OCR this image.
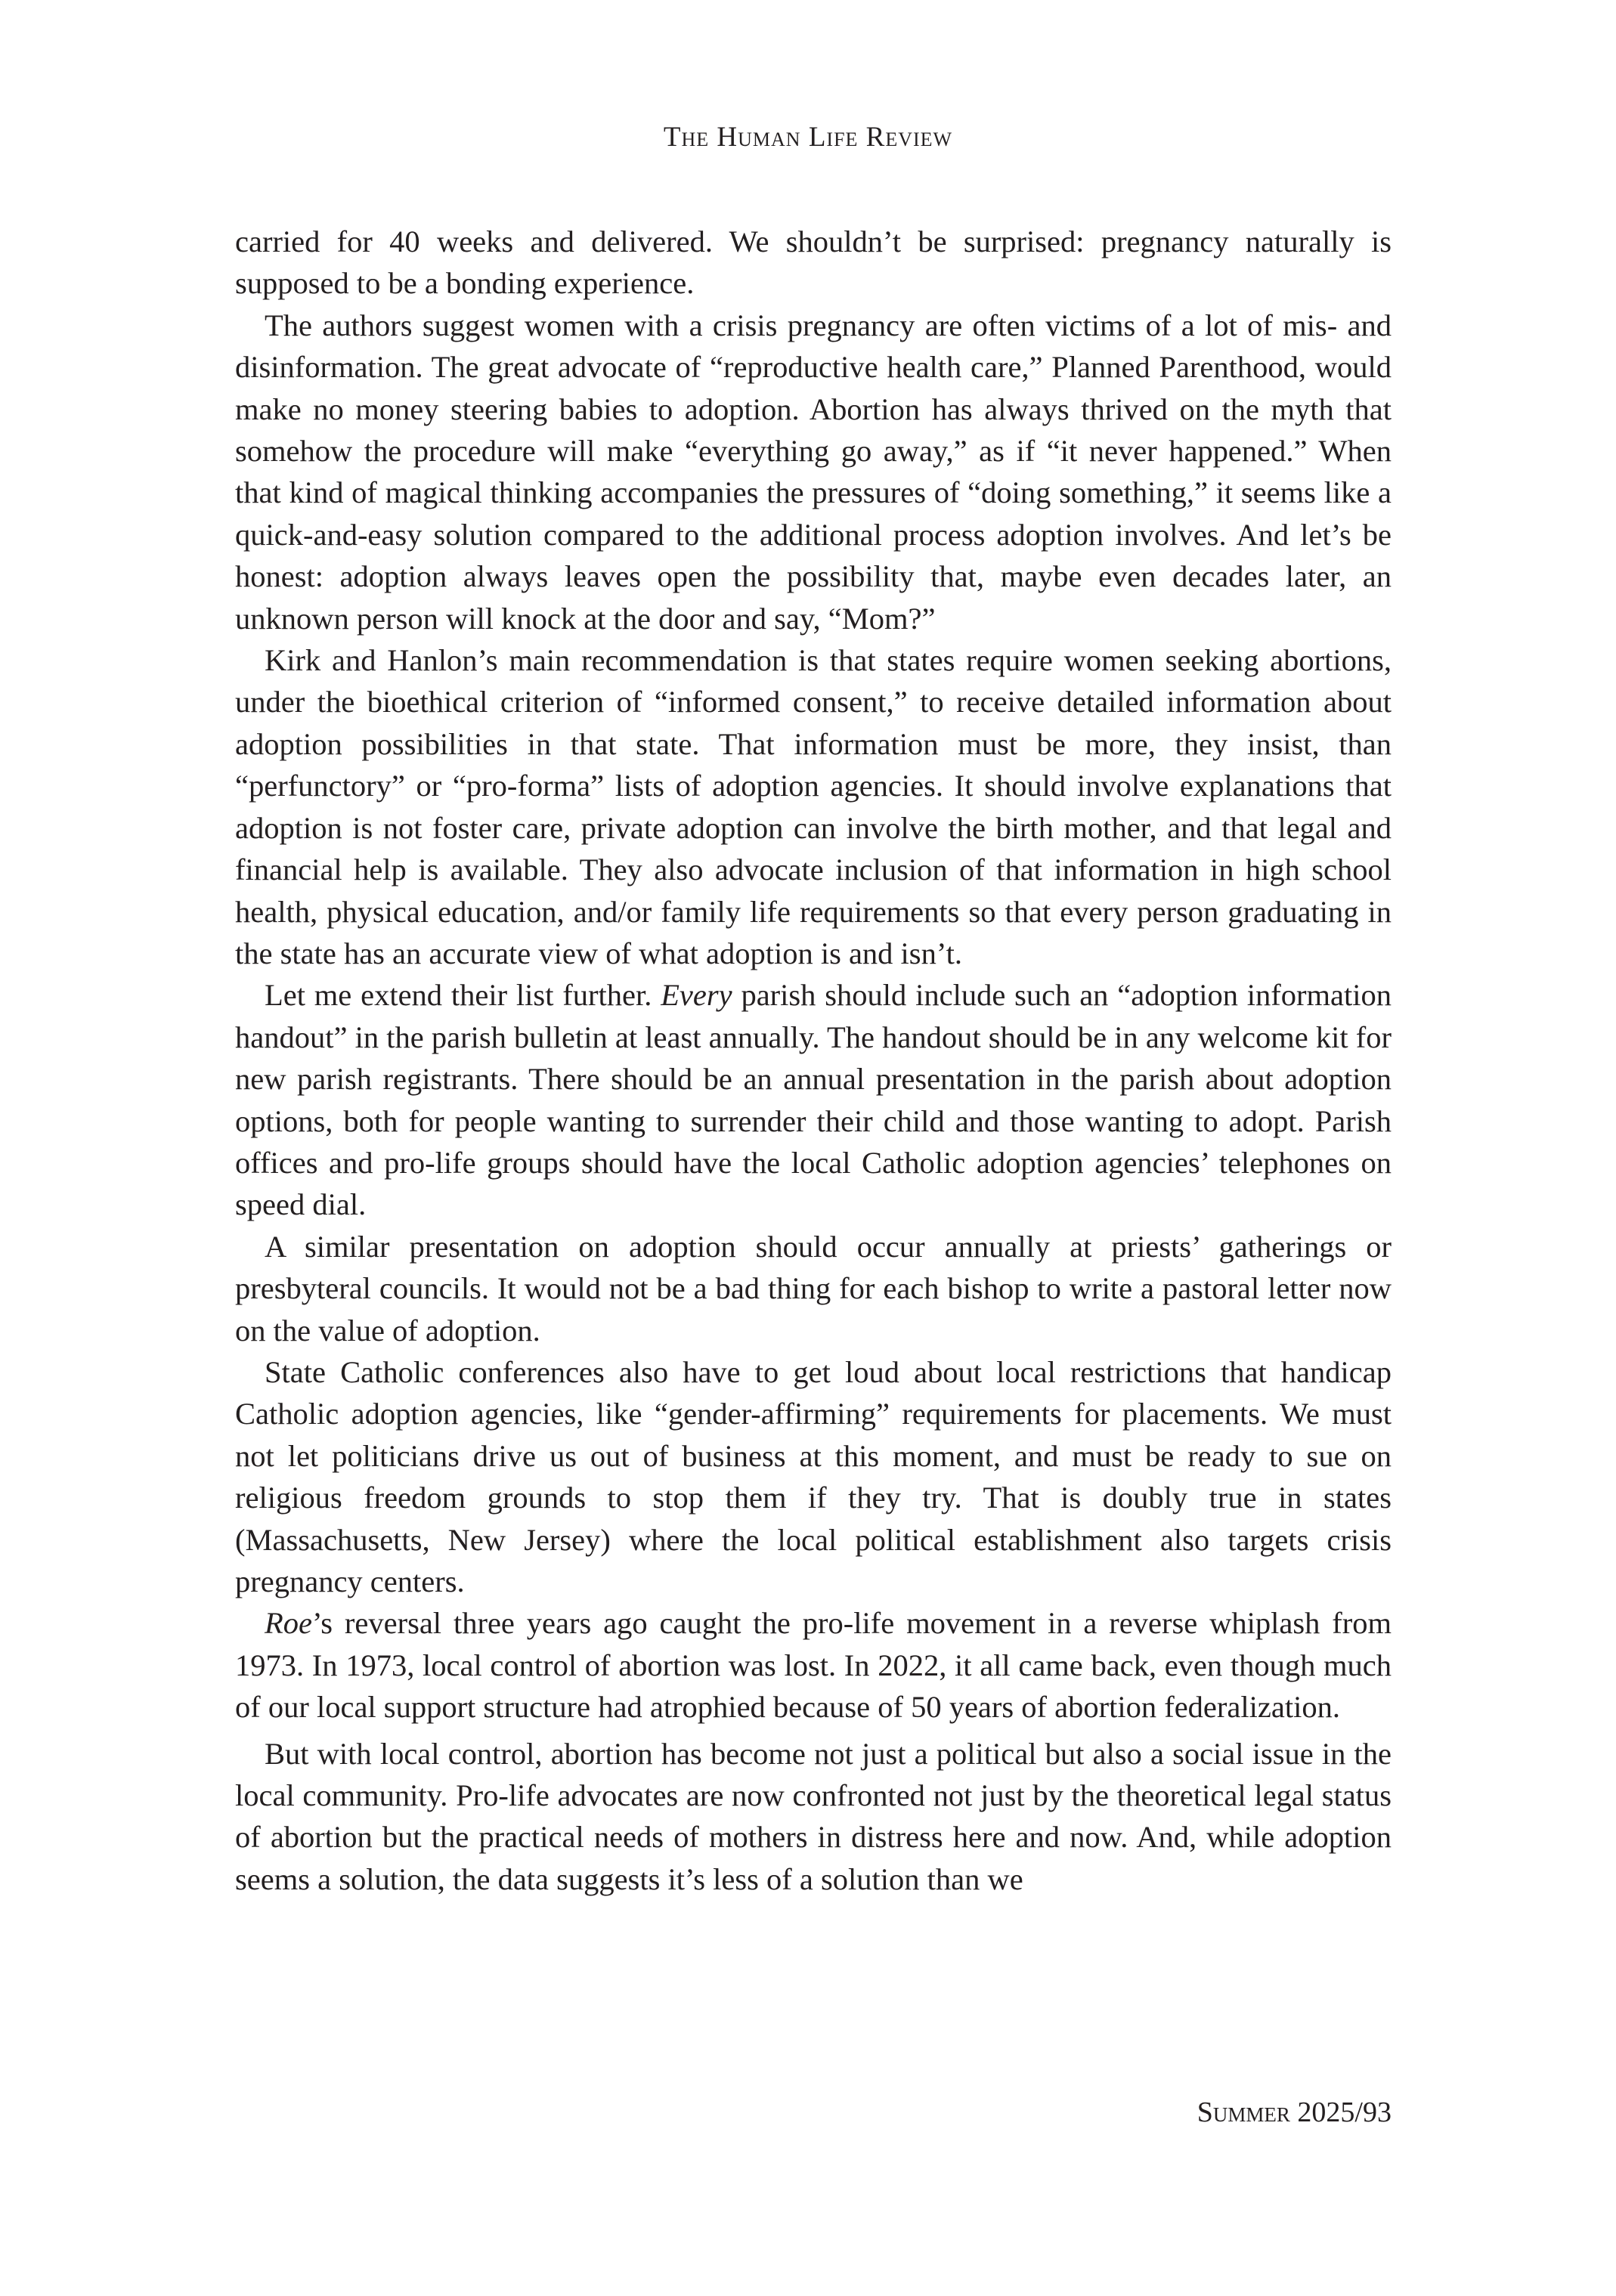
The Human Life Review

carried for 40 weeks and delivered. We shouldn’t be surprised: pregnancy naturally is supposed to be a bonding experience.

The authors suggest women with a crisis pregnancy are often victims of a lot of mis- and disinformation. The great advocate of “reproductive health care,” Planned Parenthood, would make no money steering babies to adoption. Abortion has always thrived on the myth that somehow the procedure will make “everything go away,” as if “it never happened.” When that kind of magical thinking accompanies the pressures of “doing something,” it seems like a quick-and-easy solution compared to the additional process adoption involves. And let’s be honest: adoption always leaves open the possibility that, maybe even decades later, an unknown person will knock at the door and say, “Mom?”

Kirk and Hanlon’s main recommendation is that states require women seeking abortions, under the bioethical criterion of “informed consent,” to receive detailed information about adoption possibilities in that state. That information must be more, they insist, than “perfunctory” or “pro-forma” lists of adoption agencies. It should involve explanations that adoption is not foster care, private adoption can involve the birth mother, and that legal and financial help is available. They also advocate inclusion of that information in high school health, physical education, and/or family life requirements so that every person graduating in the state has an accurate view of what adoption is and isn’t.

Let me extend their list further. Every parish should include such an “adoption information handout” in the parish bulletin at least annually. The handout should be in any welcome kit for new parish registrants. There should be an annual presentation in the parish about adoption options, both for people wanting to surrender their child and those wanting to adopt. Parish offices and pro-life groups should have the local Catholic adoption agencies’ telephones on speed dial.

A similar presentation on adoption should occur annually at priests’ gatherings or presbyteral councils. It would not be a bad thing for each bishop to write a pastoral letter now on the value of adoption.

State Catholic conferences also have to get loud about local restrictions that handicap Catholic adoption agencies, like “gender-affirming” requirements for placements. We must not let politicians drive us out of business at this moment, and must be ready to sue on religious freedom grounds to stop them if they try. That is doubly true in states (Massachusetts, New Jersey) where the local political establishment also targets crisis pregnancy centers.

Roe’s reversal three years ago caught the pro-life movement in a reverse whiplash from 1973. In 1973, local control of abortion was lost. In 2022, it all came back, even though much of our local support structure had atrophied because of 50 years of abortion federalization.

But with local control, abortion has become not just a political but also a social issue in the local community. Pro-life advocates are now confronted not just by the theoretical legal status of abortion but the practical needs of mothers in distress here and now. And, while adoption seems a solution, the data suggests it’s less of a solution than we

Summer 2025/93
